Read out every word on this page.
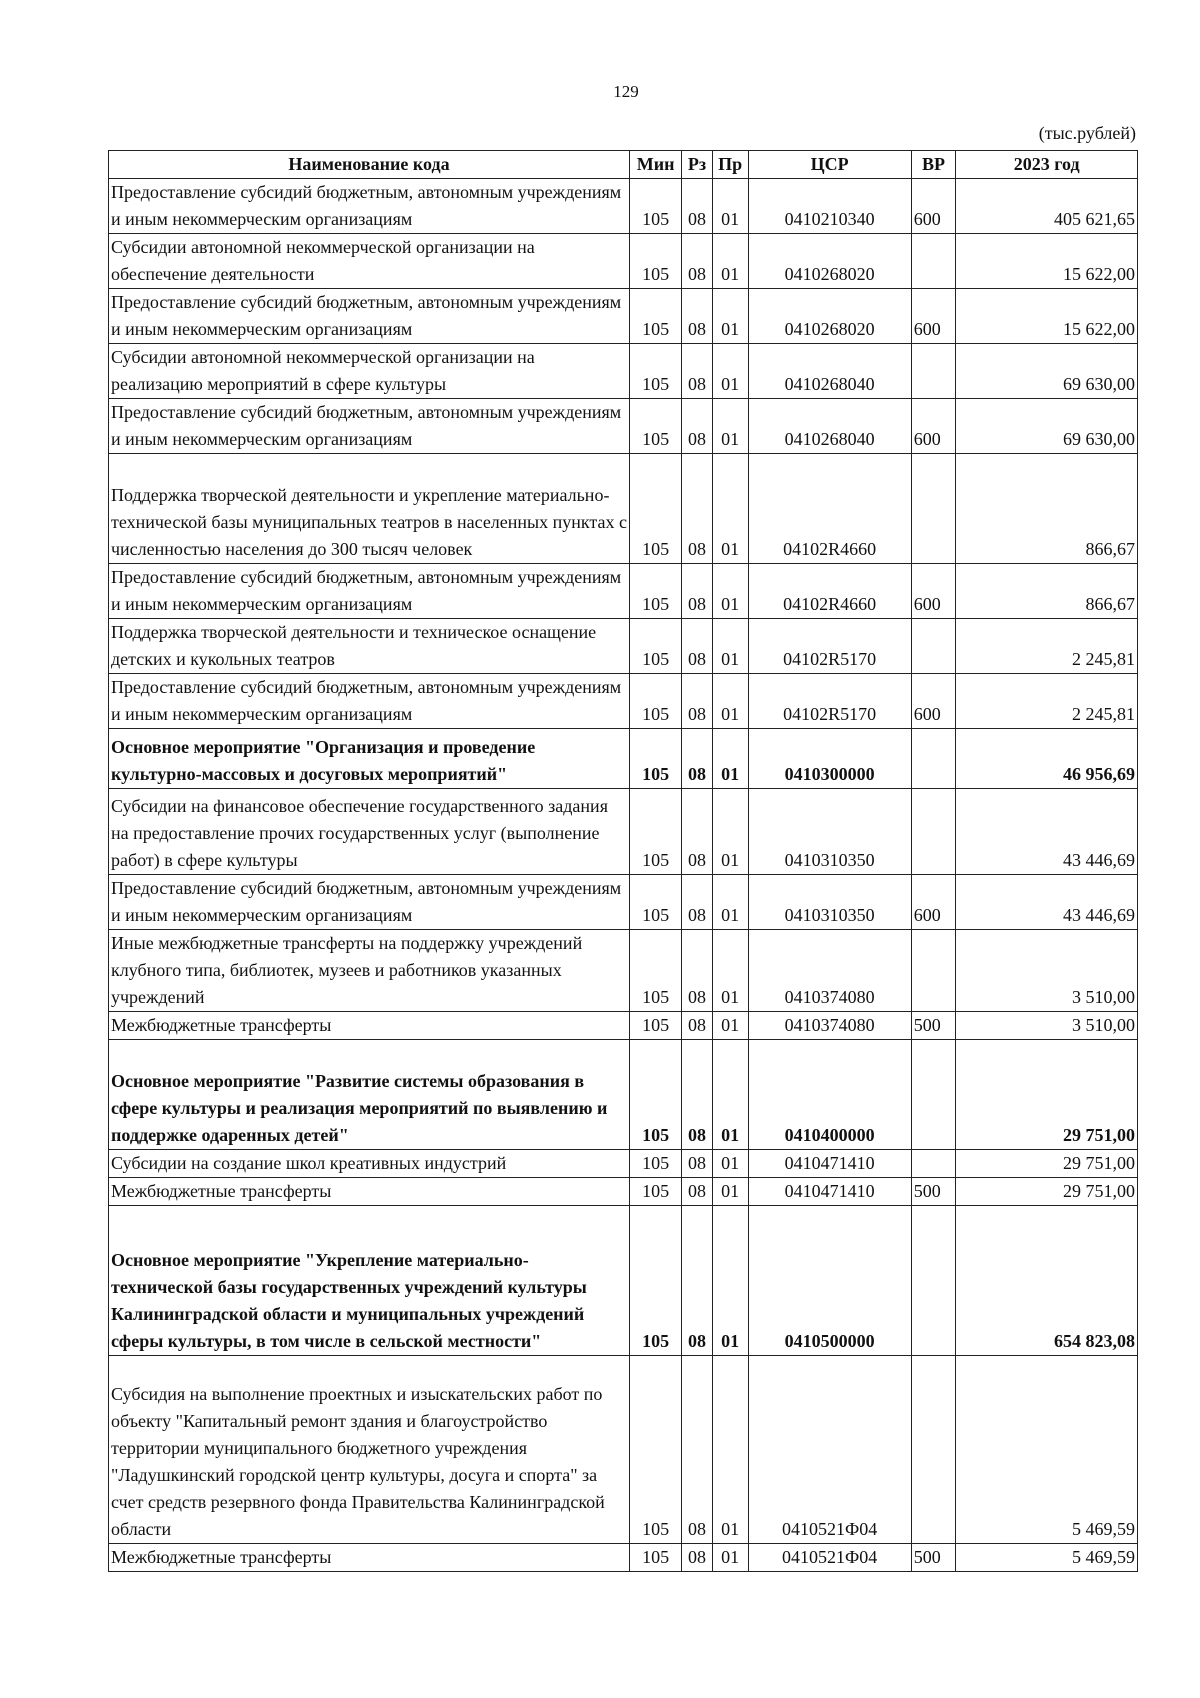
129
(тыс.рублей)
Наименование кода	Мин	Рз	Пр	ЦСР	ВР	2023 год
Предоставление субсидий бюджетным, автономным учреждениям и иным некоммерческим организациям	105	08	01	0410210340	600	405 621,65
Субсидии автономной некоммерческой организации на обеспечение деятельности	105	08	01	0410268020		15 622,00
Предоставление субсидий бюджетным, автономным учреждениям и иным некоммерческим организациям	105	08	01	0410268020	600	15 622,00
Субсидии автономной некоммерческой организации на реализацию мероприятий в сфере культуры	105	08	01	0410268040		69 630,00
Предоставление субсидий бюджетным, автономным учреждениям и иным некоммерческим организациям	105	08	01	0410268040	600	69 630,00
Поддержка творческой деятельности и укрепление материально-технической базы муниципальных театров в населенных пунктах с численностью населения до 300 тысяч человек	105	08	01	04102R4660		866,67
Предоставление субсидий бюджетным, автономным учреждениям и иным некоммерческим организациям	105	08	01	04102R4660	600	866,67
Поддержка творческой деятельности и техническое оснащение детских и кукольных театров	105	08	01	04102R5170		2 245,81
Предоставление субсидий бюджетным, автономным учреждениям и иным некоммерческим организациям	105	08	01	04102R5170	600	2 245,81
Основное мероприятие "Организация и проведение культурно-массовых и досуговых мероприятий"	105	08	01	0410300000		46 956,69
Субсидии на финансовое обеспечение государственного задания на предоставление прочих государственных услуг (выполнение работ) в сфере культуры	105	08	01	0410310350		43 446,69
Предоставление субсидий бюджетным, автономным учреждениям и иным некоммерческим организациям	105	08	01	0410310350	600	43 446,69
Иные межбюджетные трансферты на поддержку учреждений клубного типа, библиотек, музеев и работников указанных учреждений	105	08	01	0410374080		3 510,00
Межбюджетные трансферты	105	08	01	0410374080	500	3 510,00
Основное мероприятие "Развитие системы образования в сфере культуры и реализация мероприятий по выявлению и поддержке одаренных детей"	105	08	01	0410400000		29 751,00
Субсидии на создание школ креативных индустрий	105	08	01	0410471410		29 751,00
Межбюджетные трансферты	105	08	01	0410471410	500	29 751,00
Основное мероприятие "Укрепление материально-технической базы государственных учреждений культуры Калининградской области и муниципальных учреждений сферы культуры, в том числе в сельской местности"	105	08	01	0410500000		654 823,08
Субсидия на выполнение проектных и изыскательских работ по объекту "Капитальный ремонт здания и благоустройство территории муниципального бюджетного учреждения "Ладушкинский городской центр культуры, досуга и спорта" за счет средств резервного фонда Правительства Калининградской области	105	08	01	0410521Ф04		5 469,59
Межбюджетные трансферты	105	08	01	0410521Ф04	500	5 469,59
